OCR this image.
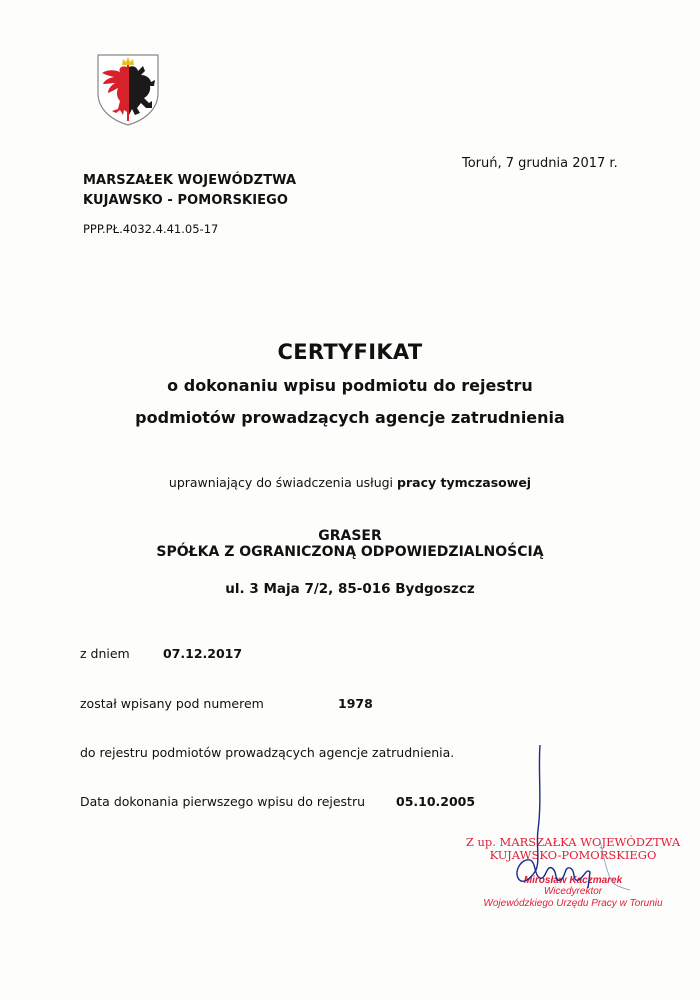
MARSZAŁEK WOJEWÓDZTWA
KUJAWSKO - POMORSKIEGO
Toruń, 7 grudnia 2017 r.
PPP.PŁ.4032.4.41.05-17
CERTYFIKAT
o dokonaniu wpisu podmiotu do rejestru
podmiotów prowadzących agencje zatrudnienia
uprawniający do świadczenia usługi pracy tymczasowej
GRASER
SPÓŁKA Z OGRANICZONĄ ODPOWIEDZIALNOŚCIĄ
ul. 3 Maja 7/2, 85-016 Bydgoszcz
z dniem	07.12.2017
został wpisany pod numerem	1978
do rejestru podmiotów prowadzących agencje zatrudnienia.
Data dokonania pierwszego wpisu do rejestru 05.10.2005
Z up. MARSZAŁKA WOJEWÓDZTWA
KUJAWSKO-POMORSKIEGO
Mirosław Kaczmarek
Wicedyrektor
Wojewódzkiego Urzędu Pracy w Toruniu
